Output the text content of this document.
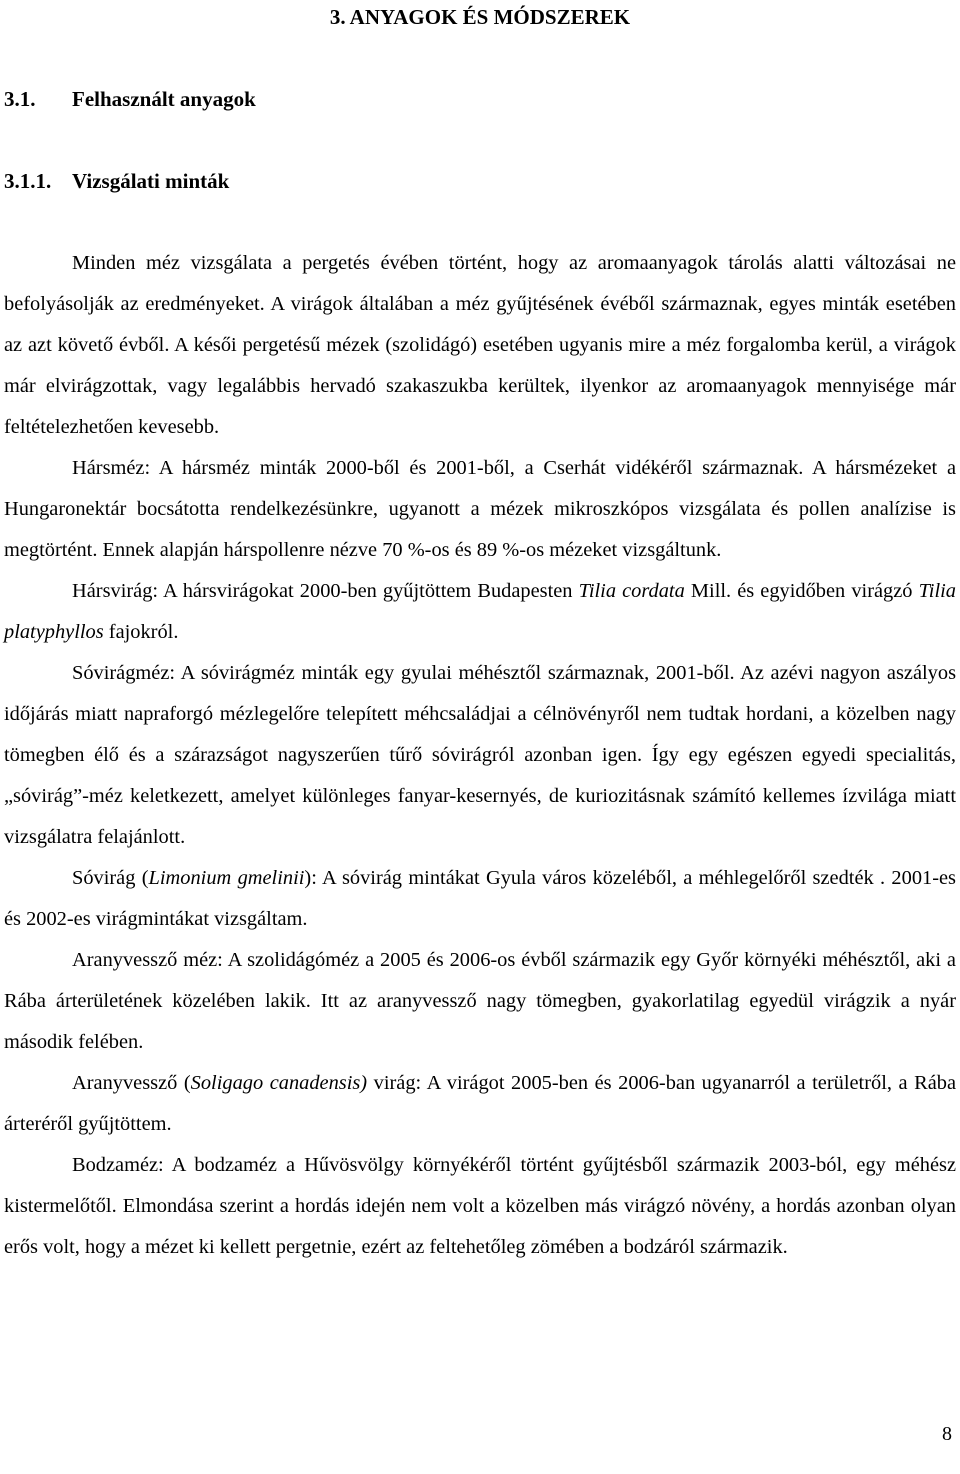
3. ANYAGOK ÉS MÓDSZEREK
3.1. Felhasznált anyagok
3.1.1. Vizsgálati minták

Minden méz vizsgálata a pergetés évében történt, hogy az aromaanyagok tárolás alatti változásai ne befolyásolják az eredményeket. A virágok általában a méz gyűjtésének évéből származnak, egyes minták esetében az azt követő évből. A késői pergetésű mézek (szolidágó) esetében ugyanis mire a méz forgalomba kerül, a virágok már elvirágzottak, vagy legalábbis hervadó szakaszukba kerültek, ilyenkor az aromaanyagok mennyisége már feltételezhetően kevesebb.

Hársméz: A hársméz minták 2000-ből és 2001-ből, a Cserhát vidékéről származnak. A hársmézeket a Hungaronektár bocsátotta rendelkezésünkre, ugyanott a mézek mikroszkópos vizsgálata és pollen analízise is megtörtént. Ennek alapján hárspollenre nézve 70 %-os és 89 %-os mézeket vizsgáltunk.

Hársvirág: A hársvirágokat 2000-ben gyűjtöttem Budapesten Tilia cordata Mill. és egyidőben virágzó Tilia platyphyllos fajokról.

Sóvirágméz: A sóvirágméz minták egy gyulai méhésztől származnak, 2001-ből. Az azévi nagyon aszályos időjárás miatt napraforgó mézlegelőre telepített méhcsaládjai a célnövényről nem tudtak hordani, a közelben nagy tömegben élő és a szárazságot nagyszerűen tűrő sóvirágról azonban igen. Így egy egészen egyedi specialitás, „sóvirág”-méz keletkezett, amelyet különleges fanyar-kesernyés, de kuriozitásnak számító kellemes ízvilága miatt vizsgálatra felajánlott.

Sóvirág (Limonium gmelinii): A sóvirág mintákat Gyula város közeléből, a méhlegelőről szedték . 2001-es és 2002-es virágmintákat vizsgáltam.

Aranyvessző méz: A szolidágóméz a 2005 és 2006-os évből származik egy Győr környéki méhésztől, aki a Rába árterületének közelében lakik. Itt az aranyvessző nagy tömegben, gyakorlatilag egyedül virágzik a nyár második felében.

Aranyvessző (Soligago canadensis) virág: A virágot 2005-ben és 2006-ban ugyanarról a területről, a Rába árteréről gyűjtöttem.

Bodzaméz: A bodzaméz a Hűvösvölgy környékéről történt gyűjtésből származik 2003-ból, egy méhész kistermelőtől. Elmondása szerint a hordás idején nem volt a közelben más virágzó növény, a hordás azonban olyan erős volt, hogy a mézet ki kellett pergetnie, ezért az feltehetőleg zömében a bodzáról származik.

8
